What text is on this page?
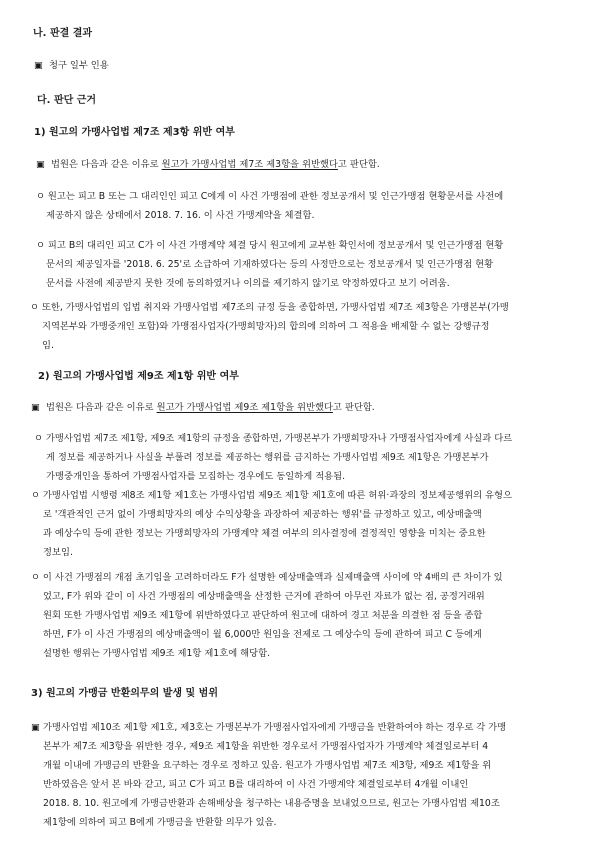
나. 판결 결과
▣ 청구 일부 인용
다. 판단 근거
1) 원고의 가맹사업법 제7조 제3항 위반 여부
▣ 법원은 다음과 같은 이유로 원고가 가맹사업법 제7조 제3항을 위반했다고 판단함.
ㅇ 원고는 피고 B 또는 그 대리인인 피고 C에게 이 사건 가맹점에 관한 정보공개서 및 인근가맹점 현황문서를 사전에
제공하지 않은 상태에서 2018. 7. 16. 이 사건 가맹계약을 체결함.
ㅇ 피고 B의 대리인 피고 C가 이 사건 가맹계약 체결 당시 원고에게 교부한 확인서에 정보공개서 및 인근가맹점 현황
문서의 제공일자를 '2018. 6. 25'로 소급하여 기재하였다는 등의 사정만으로는 정보공개서 및 인근가맹점 현황
문서를 사전에 제공받지 못한 것에 동의하였거나 이의를 제기하지 않기로 약정하였다고 보기 어려움.
ㅇ 또한, 가맹사업법의 입법 취지와 가맹사업법 제7조의 규정 등을 종합하면, 가맹사업법 제7조 제3항은 가맹본부(가맹
지역본부와 가맹중개인 포함)와 가맹점사업자(가맹희망자)의 합의에 의하여 그 적용을 배제할 수 없는 강행규정
임.
2) 원고의 가맹사업법 제9조 제1항 위반 여부
▣ 법원은 다음과 같은 이유로 원고가 가맹사업법 제9조 제1항을 위반했다고 판단함.
ㅇ 가맹사업법 제7조 제1항, 제9조 제1항의 규정을 종합하면, 가맹본부가 가맹희망자나 가맹점사업자에게 사실과 다르
게 정보를 제공하거나 사실을 부풀려 정보를 제공하는 행위를 금지하는 가맹사업법 제9조 제1항은 가맹본부가
가맹중개인을 통하여 가맹점사업자를 모집하는 경우에도 동일하게 적용됨.
ㅇ 가맹사업법 시행령 제8조 제1항 제1호는 가맹사업법 제9조 제1항 제1호에 따른 허위·과장의 정보제공행위의 유형으
로 '객관적인 근거 없이 가맹희망자의 예상 수익상황을 과장하여 제공하는 행위'를 규정하고 있고, 예상매출액
과 예상수익 등에 관한 정보는 가맹희망자의 가맹계약 체결 여부의 의사결정에 결정적인 영향을 미치는 중요한
정보임.
ㅇ 이 사건 가맹점의 개점 초기임을 고려하더라도 F가 설명한 예상매출액과 실제매출액 사이에 약 4배의 큰 차이가 있
었고, F가 위와 같이 이 사건 가맹점의 예상매출액을 산정한 근거에 관하여 아무런 자료가 없는 점, 공정거래위
원회 또한 가맹사업법 제9조 제1항에 위반하였다고 판단하여 원고에 대하여 경고 처분을 의결한 점 등을 종합
하면, F가 이 사건 가맹점의 예상매출액이 월 6,000만 원임을 전제로 그 예상수익 등에 관하여 피고 C 등에게
설명한 행위는 가맹사업법 제9조 제1항 제1호에 해당함.
3) 원고의 가맹금 반환의무의 발생 및 범위
▣ 가맹사업법 제10조 제1항 제1호, 제3호는 가맹본부가 가맹점사업자에게 가맹금을 반환하여야 하는 경우로 각 가맹
본부가 제7조 제3항을 위반한 경우, 제9조 제1항을 위반한 경우로서 가맹점사업자가 가맹계약 체결일로부터 4
개월 이내에 가맹금의 반환을 요구하는 경우로 정하고 있음. 원고가 가맹사업법 제7조 제3항, 제9조 제1항을 위
반하였음은 앞서 본 바와 같고, 피고 C가 피고 B를 대리하여 이 사건 가맹계약 체결일로부터 4개월 이내인
2018. 8. 10. 원고에게 가맹금반환과 손해배상을 청구하는 내용증명을 보내었으므로, 원고는 가맹사업법 제10조
제1항에 의하여 피고 B에게 가맹금을 반환할 의무가 있음.
